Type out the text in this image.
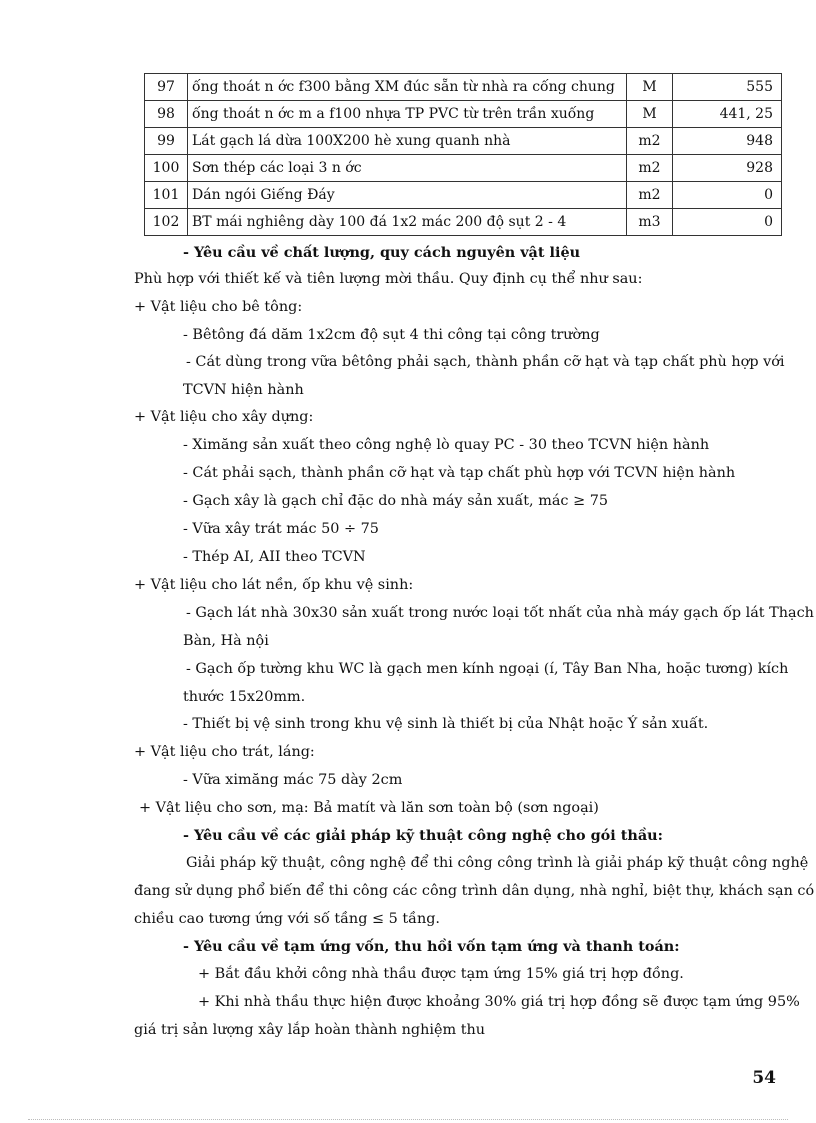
97	ống thoát n ớc f300 bằng XM đúc sẵn từ nhà ra cống chung	M	555
98	ống thoát n ớc m a f100 nhựa TP PVC từ trên trần xuống	M	441, 25
99	Lát gạch lá dừa 100X200 hè xung quanh nhà	m2	948
100	Sơn thép các loại 3 n ớc	m2	928
101	Dán ngói Giếng Đáy	m2	0
102	BT mái nghiêng dày 100 đá 1x2 mác 200 độ sụt 2 - 4	m3	0
- Yêu cầu về chất lượng, quy cách nguyên vật liệu
Phù hợp với thiết kế và tiên lượng mời thầu. Quy định cụ thể như sau:
+ Vật liệu cho bê tông:
- Bêtông đá dăm 1x2cm độ sụt 4 thi công tại công trường
- Cát dùng trong vữa bêtông phải sạch, thành phần cỡ hạt và tạp chất phù hợp với
TCVN hiện hành
+ Vật liệu cho xây dựng:
- Ximăng sản xuất theo công nghệ lò quay PC - 30 theo TCVN hiện hành
- Cát phải sạch, thành phần cỡ hạt và tạp chất phù hợp với TCVN hiện hành
- Gạch xây là gạch chỉ đặc do nhà máy sản xuất, mác ≥ 75
- Vữa xây trát mác 50 ÷ 75
- Thép AI, AII theo TCVN
+ Vật liệu cho lát nền, ốp khu vệ sinh:
- Gạch lát nhà 30x30 sản xuất trong nước loại tốt nhất của nhà máy gạch ốp lát Thạch
Bàn, Hà nội
- Gạch ốp tường khu WC là gạch men kính ngoại (í, Tây Ban Nha, hoặc tương) kích
thước 15x20mm.
- Thiết bị vệ sinh trong khu vệ sinh là thiết bị của Nhật hoặc Ý sản xuất.
+ Vật liệu cho trát, láng:
- Vữa ximăng mác 75 dày 2cm
+ Vật liệu cho sơn, mạ: Bả matít và lăn sơn toàn bộ (sơn ngoại)
- Yêu cầu về các giải pháp kỹ thuật công nghệ cho gói thầu:
Giải pháp kỹ thuật, công nghệ để thi công công trình là giải pháp kỹ thuật công nghệ
đang sử dụng phổ biến để thi công các công trình dân dụng, nhà nghỉ, biệt thự, khách sạn có
chiều cao tương ứng với số tầng ≤ 5 tầng.
- Yêu cầu về tạm ứng vốn, thu hồi vốn tạm ứng và thanh toán:
+ Bắt đầu khởi công nhà thầu được tạm ứng 15% giá trị hợp đồng.
+ Khi nhà thầu thực hiện được khoảng 30% giá trị hợp đồng sẽ được tạm ứng 95%
giá trị sản lượng xây lắp hoàn thành nghiệm thu
54
